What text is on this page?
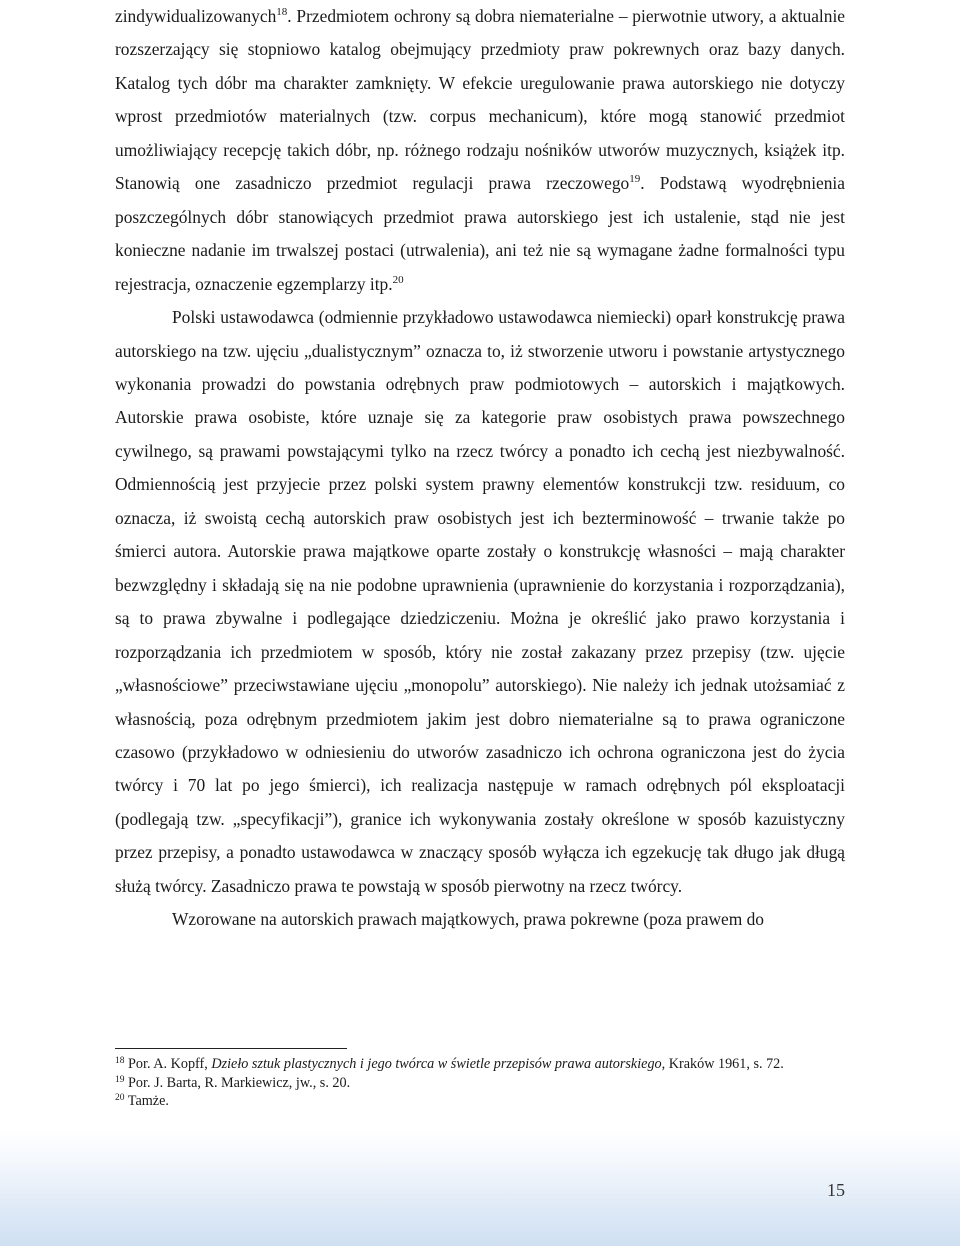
zindywidualizowanych$^{18}$. Przedmiotem ochrony są dobra niematerialne – pierwotnie utwory, a aktualnie rozszerzający się stopniowo katalog obejmujący przedmioty praw pokrewnych oraz bazy danych. Katalog tych dóbr ma charakter zamknięty. W efekcie uregulowanie prawa autorskiego nie dotyczy wprost przedmiotów materialnych (tzw. corpus mechanicum), które mogą stanowić przedmiot umożliwiający recepcję takich dóbr, np. różnego rodzaju nośników utworów muzycznych, książek itp. Stanowią one zasadniczo przedmiot regulacji prawa rzeczowego$^{19}$. Podstawą wyodrębnienia poszczególnych dóbr stanowiących przedmiot prawa autorskiego jest ich ustalenie, stąd nie jest konieczne nadanie im trwalszej postaci (utrwalenia), ani też nie są wymagane żadne formalności typu rejestracja, oznaczenie egzemplarzy itp.$^{20}$

Polski ustawodawca (odmiennie przykładowo ustawodawca niemiecki) oparł konstrukcję prawa autorskiego na tzw. ujęciu „dualistycznym” oznacza to, iż stworzenie utworu i powstanie artystycznego wykonania prowadzi do powstania odrębnych praw podmiotowych – autorskich i majątkowych. Autorskie prawa osobiste, które uznaje się za kategorie praw osobistych prawa powszechnego cywilnego, są prawami powstającymi tylko na rzecz twórcy a ponadto ich cechą jest niezbywalność. Odmiennością jest przyjecie przez polski system prawny elementów konstrukcji tzw. residuum, co oznacza, iż swoistą cechą autorskich praw osobistych jest ich bezterminowość – trwanie także po śmierci autora. Autorskie prawa majątkowe oparte zostały o konstrukcję własności – mają charakter bezwzględny i składają się na nie podobne uprawnienia (uprawnienie do korzystania i rozporządzania), są to prawa zbywalne i podlegające dziedziczeniu. Można je określić jako prawo korzystania i rozporządzania ich przedmiotem w sposób, który nie został zakazany przez przepisy (tzw. ujęcie „własnościowe” przeciwstawiane ujęciu „monopolu” autorskiego). Nie należy ich jednak utożsamiać z własnością, poza odrębnym przedmiotem jakim jest dobro niematerialne są to prawa ograniczone czasowo (przykładowo w odniesieniu do utworów zasadniczo ich ochrona ograniczona jest do życia twórcy i 70 lat po jego śmierci), ich realizacja następuje w ramach odrębnych pól eksploatacji (podlegają tzw. „specyfikacji”), granice ich wykonywania zostały określone w sposób kazuistyczny przez przepisy, a ponadto ustawodawca w znaczący sposób wyłącza ich egzekucję tak długo jak długą służą twórcy. Zasadniczo prawa te powstają w sposób pierwotny na rzecz twórcy.

Wzorowane na autorskich prawach majątkowych, prawa pokrewne (poza prawem do

$^{18}$ Por. A. Kopff, Dzieło sztuk plastycznych i jego twórca w świetle przepisów prawa autorskiego, Kraków 1961, s. 72.

$^{19}$ Por. J. Barta, R. Markiewicz, jw., s. 20.

$^{20}$ Tamże.

15
